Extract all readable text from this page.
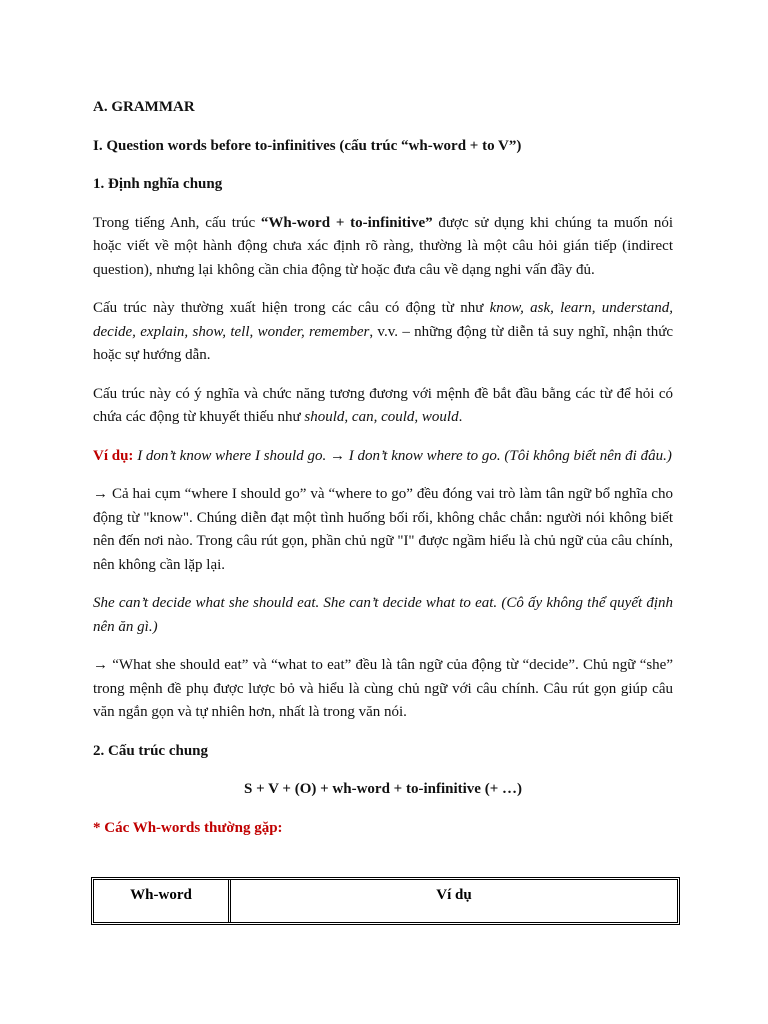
A. GRAMMAR

I. Question words before to-infinitives (cấu trúc “wh-word + to V”)

1. Định nghĩa chung

Trong tiếng Anh, cấu trúc “Wh-word + to-infinitive” được sử dụng khi chúng ta muốn nói hoặc viết về một hành động chưa xác định rõ ràng, thường là một câu hỏi gián tiếp (indirect question), nhưng lại không cần chia động từ hoặc đưa câu về dạng nghi vấn đầy đủ.

Cấu trúc này thường xuất hiện trong các câu có động từ như know, ask, learn, understand, decide, explain, show, tell, wonder, remember, v.v. – những động từ diễn tả suy nghĩ, nhận thức hoặc sự hướng dẫn.

Cấu trúc này có ý nghĩa và chức năng tương đương với mệnh đề bắt đầu bằng các từ để hỏi có chứa các động từ khuyết thiếu như should, can, could, would.

Ví dụ: I don’t know where I should go. → I don’t know where to go. (Tôi không biết nên đi đâu.)

→ Cả hai cụm “where I should go” và “where to go” đều đóng vai trò làm tân ngữ bổ nghĩa cho động từ "know". Chúng diễn đạt một tình huống bối rối, không chắc chắn: người nói không biết nên đến nơi nào. Trong câu rút gọn, phần chủ ngữ "I" được ngầm hiểu là chủ ngữ của câu chính, nên không cần lặp lại.

She can’t decide what she should eat. She can’t decide what to eat. (Cô ấy không thể quyết định nên ăn gì.)

→ “What she should eat” và “what to eat” đều là tân ngữ của động từ “decide”. Chủ ngữ “she” trong mệnh đề phụ được lược bỏ và hiểu là cùng chủ ngữ với câu chính. Câu rút gọn giúp câu văn ngắn gọn và tự nhiên hơn, nhất là trong văn nói.

2. Cấu trúc chung

S + V + (O) + wh-word + to-infinitive (+ …)

* Các Wh-words thường gặp:

Wh-word	Ví dụ
